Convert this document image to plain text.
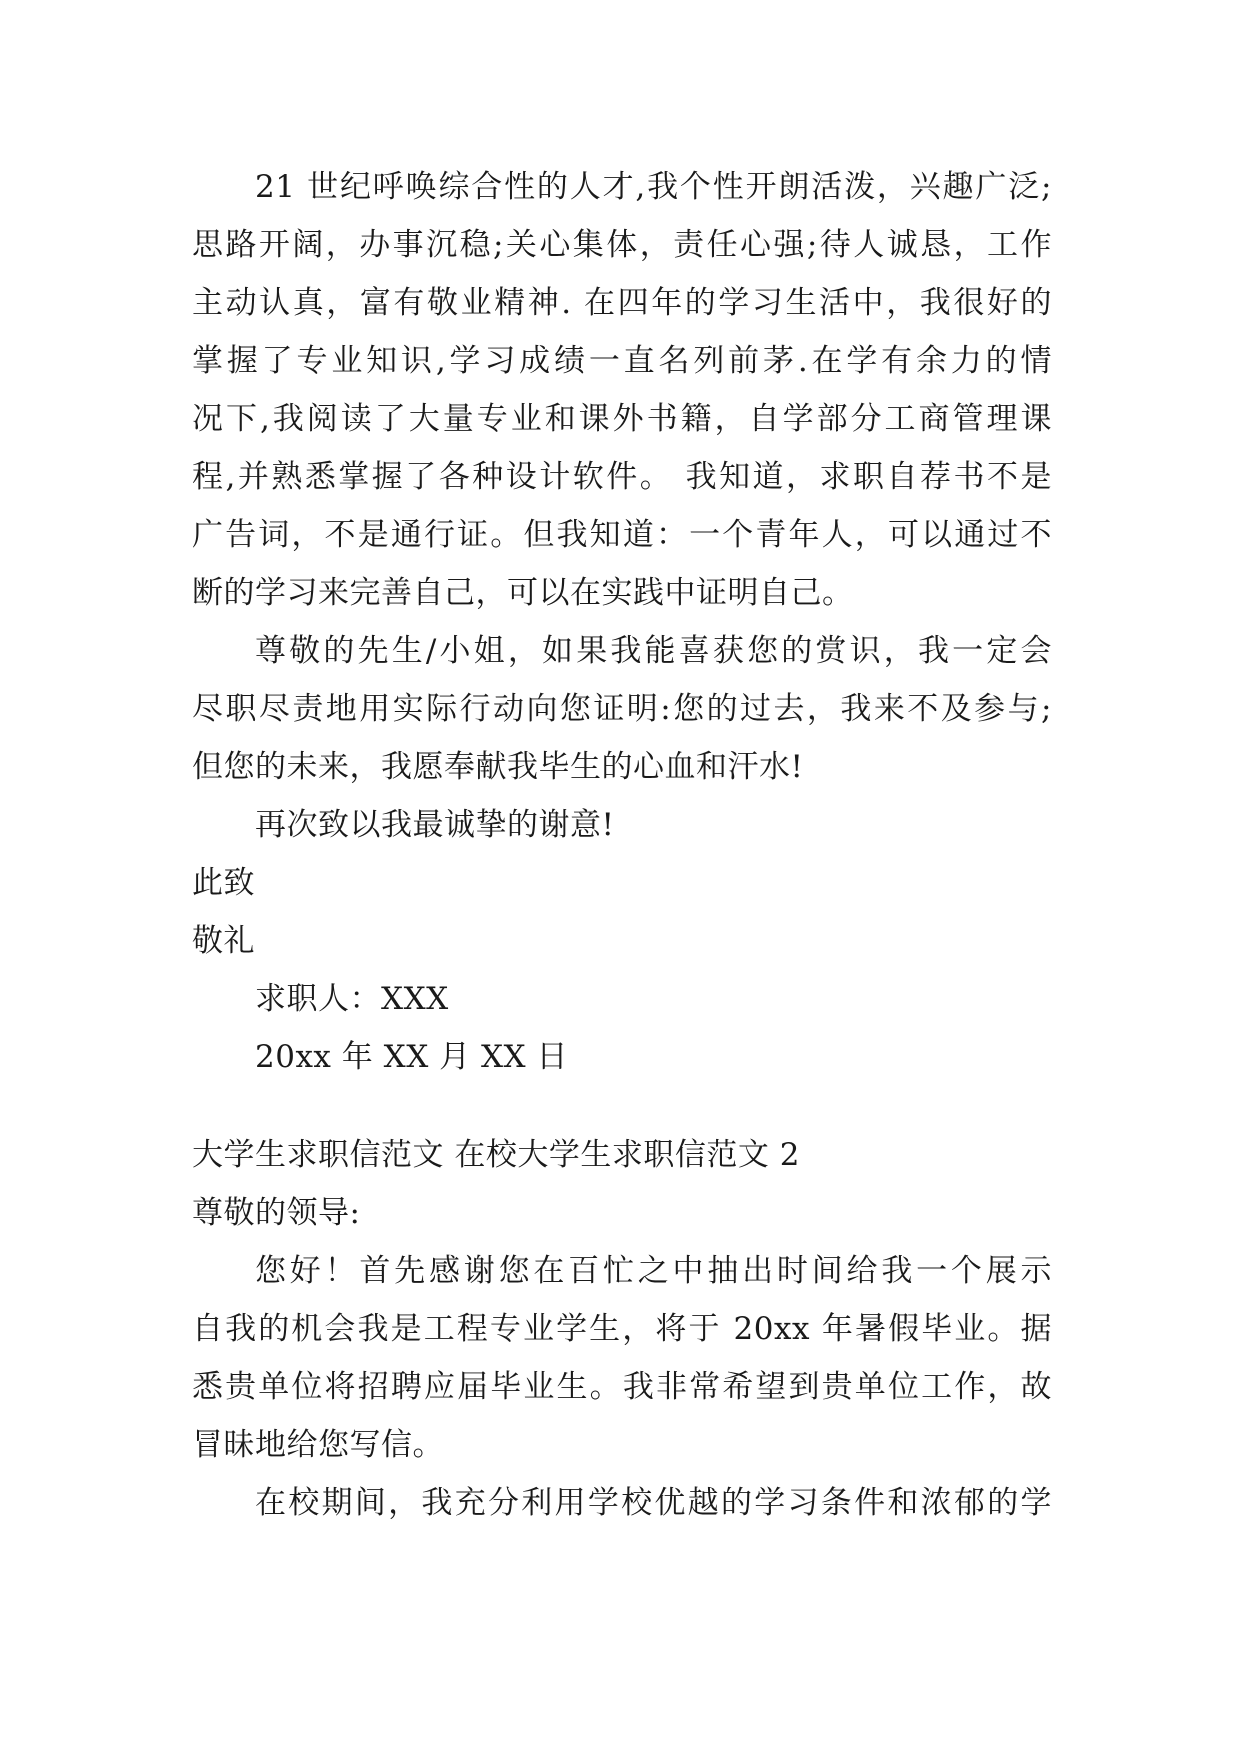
21 世纪呼唤综合性的人才,我个性开朗活泼，兴趣广泛;
思路开阔，办事沉稳;关心集体，责任心强;待人诚恳，工作
主动认真，富有敬业精神. 在四年的学习生活中，我很好的
掌握了专业知识,学习成绩一直名列前茅.在学有余力的情
况下,我阅读了大量专业和课外书籍，自学部分工商管理课
程,并熟悉掌握了各种设计软件。 我知道，求职自荐书不是
广告词，不是通行证。但我知道：一个青年人，可以通过不
断的学习来完善自己，可以在实践中证明自己。
尊敬的先生/小姐，如果我能喜获您的赏识，我一定会
尽职尽责地用实际行动向您证明:您的过去，我来不及参与;
但您的未来，我愿奉献我毕生的心血和汗水!
再次致以我最诚挚的谢意!
此致
敬礼
求职人：XXX
20xx 年 XX 月 XX 日
大学生求职信范文 在校大学生求职信范文 2
尊敬的领导:
您好！首先感谢您在百忙之中抽出时间给我一个展示
自我的机会我是工程专业学生，将于 20xx 年暑假毕业。据
悉贵单位将招聘应届毕业生。我非常希望到贵单位工作，故
冒昧地给您写信。
在校期间，我充分利用学校优越的学习条件和浓郁的学
